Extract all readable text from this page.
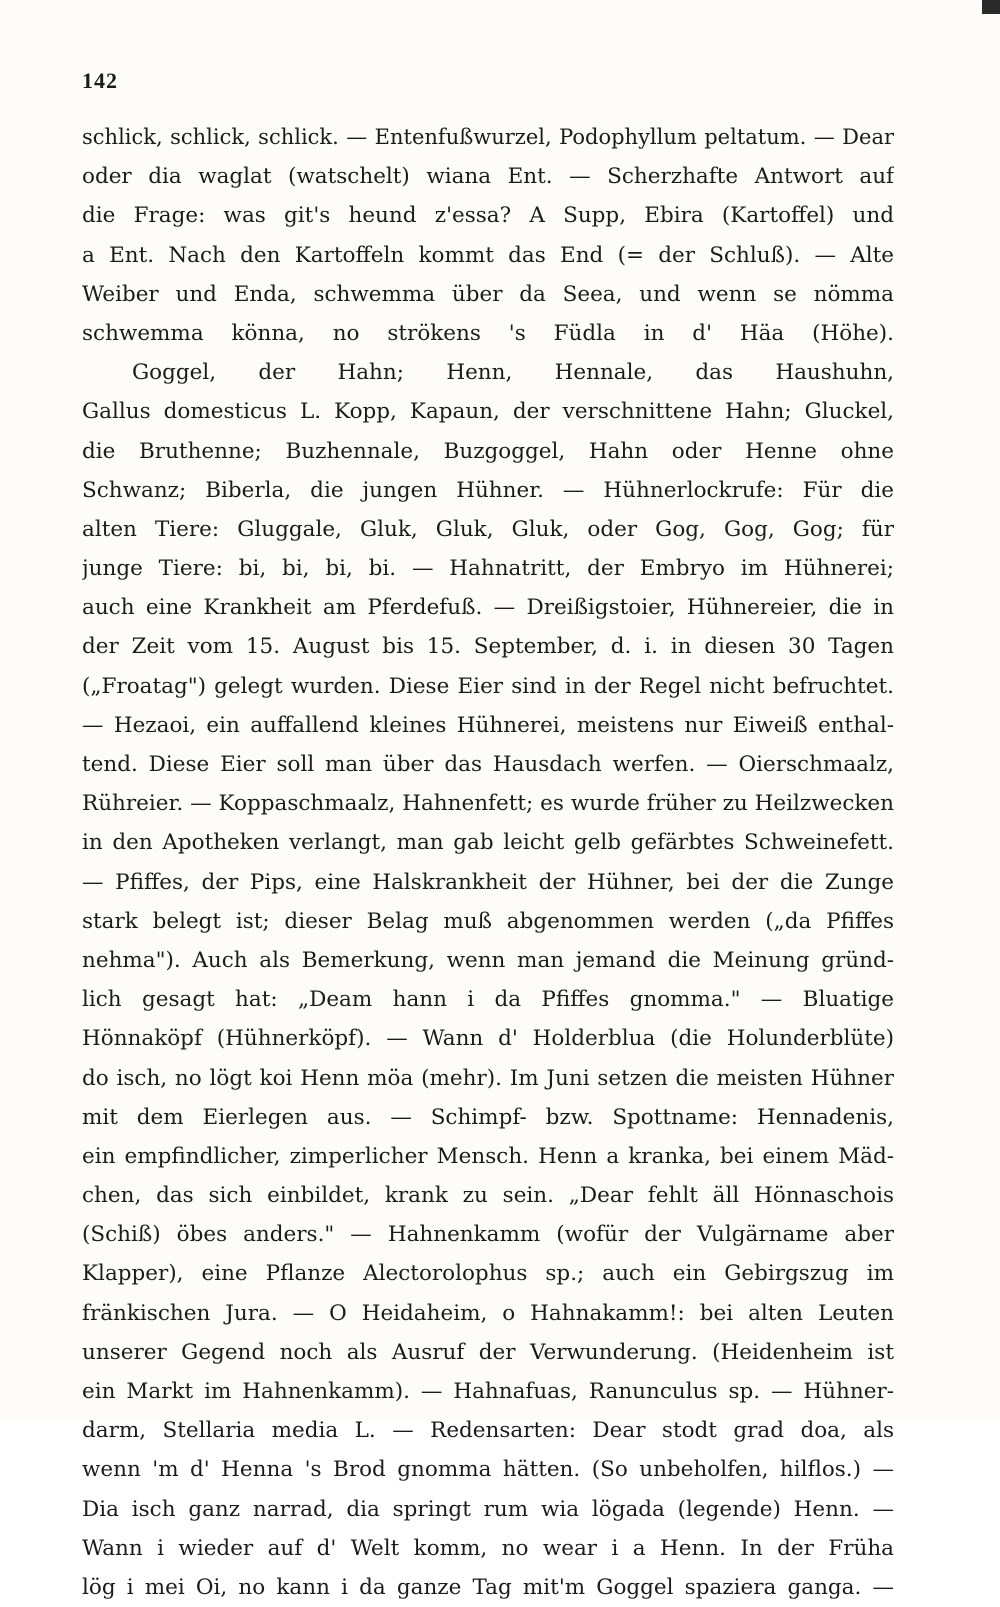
142
schlick, schlick, schlick. — Entenfußwurzel, Podophyllum peltatum. — Dear
oder dia waglat (watschelt) wiana Ent. — Scherzhafte Antwort auf
die Frage: was git's heund z'essa? A Supp, Ebira (Kartoffel) und
a Ent. Nach den Kartoffeln kommt das End (= der Schluß). — Alte
Weiber und Enda, schwemma über da Seea, und wenn se nömma
schwemma könna, no strökens 's Füdla in d' Häa (Höhe).
Goggel, der Hahn; Henn, Hennale, das Haushuhn,
Gallus domesticus L. Kopp, Kapaun, der verschnittene Hahn; Gluckel,
die Bruthenne; Buzhennale, Buzgoggel, Hahn oder Henne ohne
Schwanz; Biberla, die jungen Hühner. — Hühnerlockrufe: Für die
alten Tiere: Gluggale, Gluk, Gluk, Gluk, oder Gog, Gog, Gog; für
junge Tiere: bi, bi, bi, bi. — Hahnatritt, der Embryo im Hühnerei;
auch eine Krankheit am Pferdefuß. — Dreißigstoier, Hühnereier, die in
der Zeit vom 15. August bis 15. September, d. i. in diesen 30 Tagen
(„Froatag") gelegt wurden. Diese Eier sind in der Regel nicht befruchtet.
— Hezaoi, ein auffallend kleines Hühnerei, meistens nur Eiweiß enthal-
tend. Diese Eier soll man über das Hausdach werfen. — Oierschmaalz,
Rühreier. — Koppaschmaalz, Hahnenfett; es wurde früher zu Heilzwecken
in den Apotheken verlangt, man gab leicht gelb gefärbtes Schweinefett.
— Pfiffes, der Pips, eine Halskrankheit der Hühner, bei der die Zunge
stark belegt ist; dieser Belag muß abgenommen werden („da Pfiffes
nehma"). Auch als Bemerkung, wenn man jemand die Meinung gründ-
lich gesagt hat: „Deam hann i da Pfiffes gnomma." — Bluatige
Hönnaköpf (Hühnerköpf). — Wann d' Holderblua (die Holunderblüte)
do isch, no lögt koi Henn möa (mehr). Im Juni setzen die meisten Hühner
mit dem Eierlegen aus. — Schimpf- bzw. Spottname: Hennadenis,
ein empfindlicher, zimperlicher Mensch. Henn a kranka, bei einem Mäd-
chen, das sich einbildet, krank zu sein. „Dear fehlt äll Hönnaschois
(Schiß) öbes anders." — Hahnenkamm (wofür der Vulgärname aber
Klapper), eine Pflanze Alectorolophus sp.; auch ein Gebirgszug im
fränkischen Jura. — O Heidaheim, o Hahnakamm!: bei alten Leuten
unserer Gegend noch als Ausruf der Verwunderung. (Heidenheim ist
ein Markt im Hahnenkamm). — Hahnafuas, Ranunculus sp. — Hühner-
darm, Stellaria media L. — Redensarten: Dear stodt grad doa, als
wenn 'm d' Henna 's Brod gnomma hätten. (So unbeholfen, hilflos.) —
Dia isch ganz narrad, dia springt rum wia lögada (legende) Henn. —
Wann i wieder auf d' Welt komm, no wear i a Henn. In der Früha
lög i mei Oi, no kann i da ganze Tag mit'm Goggel spaziera ganga. —
